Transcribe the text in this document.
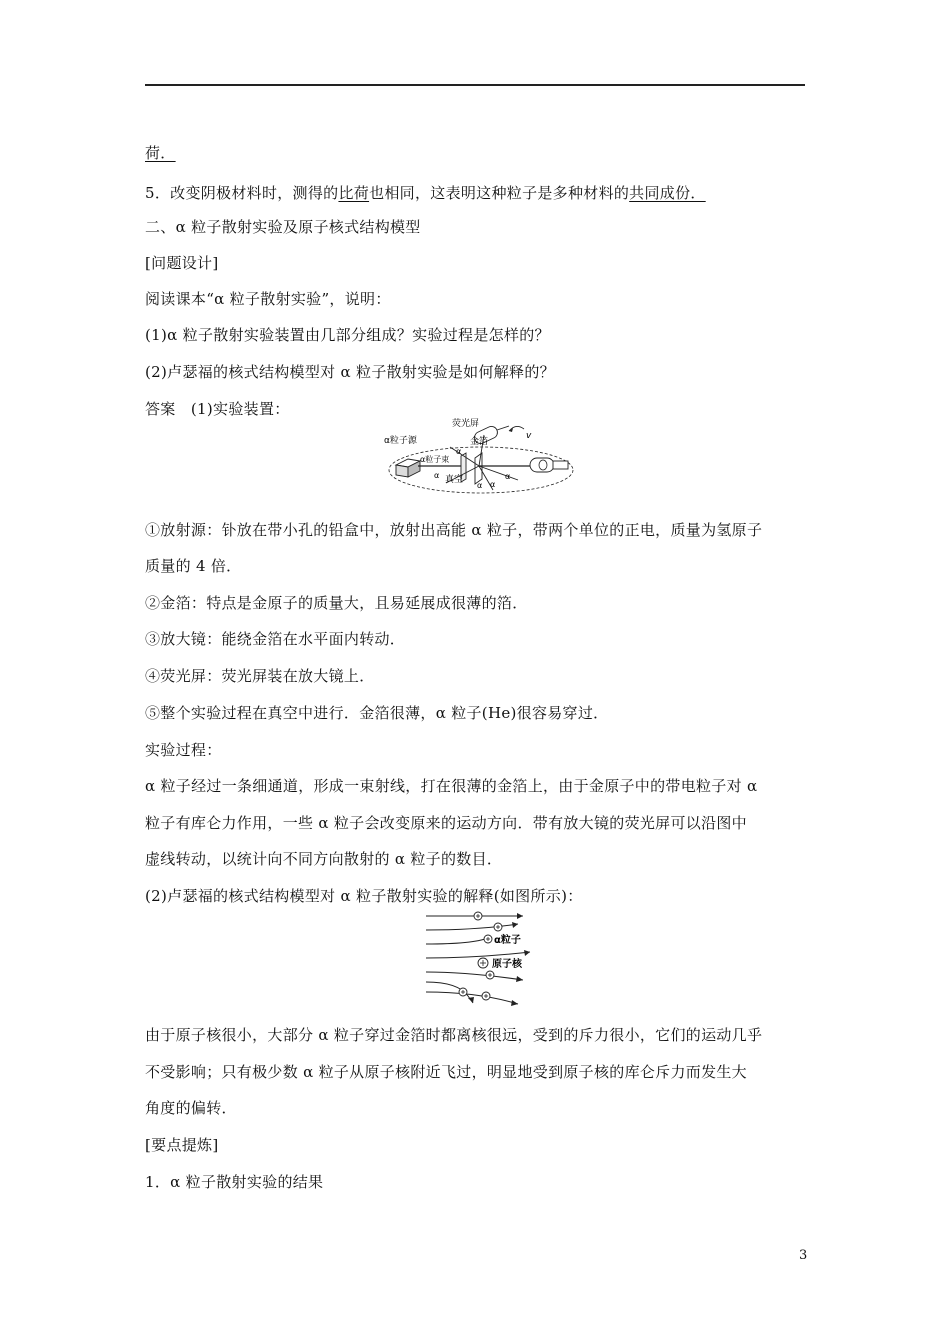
荷．
5．改变阴极材料时，测得的比荷也相同，这表明这种粒子是多种材料的共同成份．
二、α 粒子散射实验及原子核式结构模型
[问题设计]
阅读课本“α 粒子散射实验”，说明：
(1)α 粒子散射实验装置由几部分组成？实验过程是怎样的？
(2)卢瑟福的核式结构模型对 α 粒子散射实验是如何解释的？
答案　(1)实验装置：
荧光屏
α粒子源	金箔
α粒子束
真空
v
α
α
α α
α
①放射源：钋放在带小孔的铅盒中，放射出高能 α 粒子，带两个单位的正电，质量为氢原子
质量的 4 倍．
②金箔：特点是金原子的质量大，且易延展成很薄的箔．
③放大镜：能绕金箔在水平面内转动．
④荧光屏：荧光屏装在放大镜上．
⑤整个实验过程在真空中进行．金箔很薄，α 粒子(He)很容易穿过．
实验过程：
α 粒子经过一条细通道，形成一束射线，打在很薄的金箔上，由于金原子中的带电粒子对 α
粒子有库仑力作用，一些 α 粒子会改变原来的运动方向．带有放大镜的荧光屏可以沿图中
虚线转动，以统计向不同方向散射的 α 粒子的数目．
(2)卢瑟福的核式结构模型对 α 粒子散射实验的解释(如图所示)：
α粒子
原子核
由于原子核很小，大部分 α 粒子穿过金箔时都离核很远，受到的斥力很小，它们的运动几乎
不受影响；只有极少数 α 粒子从原子核附近飞过，明显地受到原子核的库仑斥力而发生大
角度的偏转．
[要点提炼]
1．α 粒子散射实验的结果
3
